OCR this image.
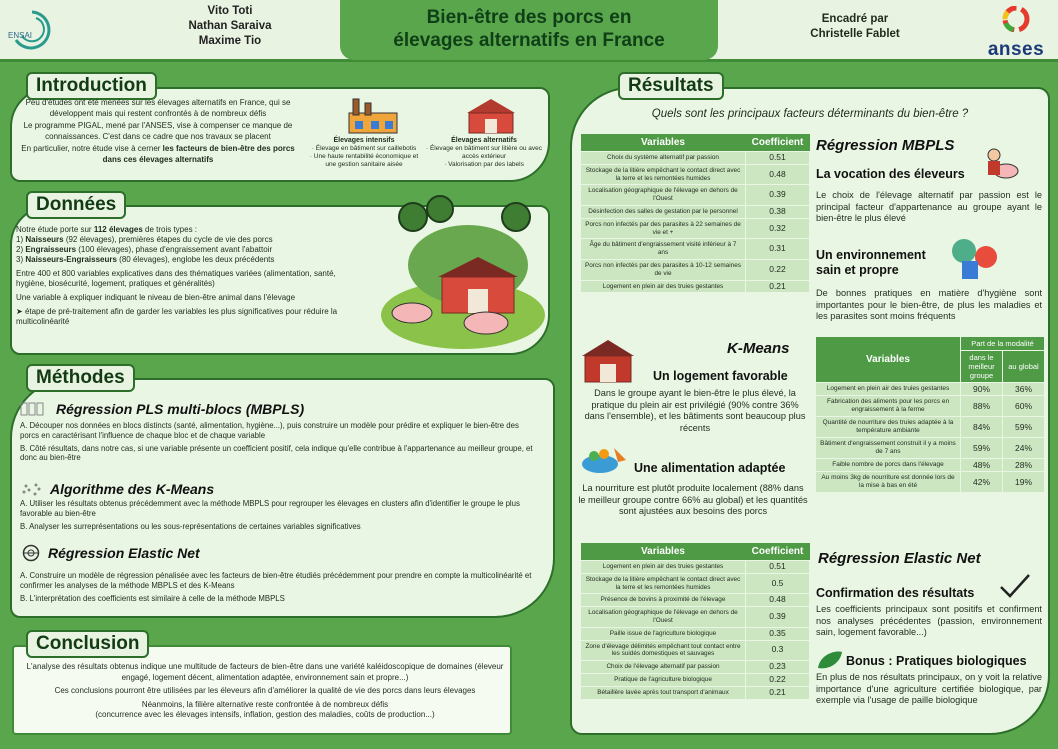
ENSAI
Vito Toti
Nathan Saraiva
Maxime Tio
Bien-être des porcs en
élevages alternatifs en France
Encadré par
Christelle Fablet
anses
Introduction

Peu d'études ont été menées sur les élevages alternatifs en France, qui se développent mais qui restent confrontés à de nombreux défis

Le programme PIGAL, mené par l'ANSES, vise à compenser ce manque de connaissances. C'est dans ce cadre que nos travaux se placent

En particulier, notre étude vise à cerner les facteurs de bien-être des porcs dans ces élevages alternatifs

Élevages intensifs
· Élevage en bâtiment sur caillebotis
· Une haute rentabilité économique et une gestion sanitaire aisée
Élevages alternatifs
· Élevage en bâtiment sur litière ou avec accès extérieur
· Valorisation par des labels
Données

Notre étude porte sur 112 élevages de trois types :
1) Naisseurs (92 élevages), premières étapes du cycle de vie des porcs
2) Engraisseurs (100 élevages), phase d'engraissement avant l'abattoir
3) Naisseurs-Engraisseurs (80 élevages), englobe les deux précédents

Entre 400 et 800 variables explicatives dans des thématiques variées (alimentation, santé, hygiène, biosécurité, logement, pratiques et généralités)

Une variable à expliquer indiquant le niveau de bien-être animal dans l'élevage

➤ étape de pré-traitement afin de garder les variables les plus significatives pour réduire la multicolinéarité

Méthodes
Régression PLS multi-blocs (MBPLS)

A. Découper nos données en blocs distincts (santé, alimentation, hygiène...), puis construire un modèle pour prédire et expliquer le bien-être des porcs en caractérisant l'influence de chaque bloc et de chaque variable

B. Côté résultats, dans notre cas, si une variable présente un coefficient positif, cela indique qu'elle contribue à l'appartenance au meilleur groupe, et donc au bien-être

Algorithme des K-Means

A. Utiliser les résultats obtenus précédemment avec la méthode MBPLS pour regrouper les élevages en clusters afin d'identifier le groupe le plus favorable au bien-être

B. Analyser les surreprésentations ou les sous-représentations de certaines variables significatives

Régression Elastic Net

A. Construire un modèle de régression pénalisée avec les facteurs de bien-être étudiés précédemment pour prendre en compte la multicolinéarité et confirmer les analyses de la méthode MBPLS et des K-Means

B. L'interprétation des coefficients est similaire à celle de la méthode MBPLS

Conclusion

L'analyse des résultats obtenus indique une multitude de facteurs de bien-être dans une variété kaléidoscopique de domaines (éleveur engagé, logement décent, alimentation adaptée, environnement sain et propre...)

Ces conclusions pourront être utilisées par les éleveurs afin d'améliorer la qualité de vie des porcs dans leurs élevages

Néanmoins, la filière alternative reste confrontée à de nombreux défis
(concurrence avec les élevages intensifs, inflation, gestion des maladies, coûts de production...)

Résultats
Quels sont les principaux facteurs déterminants du bien-être ?
Variables	Coefficient
Choix du système alternatif par passion	0.51
Stockage de la litière empêchant le contact direct avec la terre et les remontées humides	0.48
Localisation géographique de l'élevage en dehors de l'Ouest	0.39
Désinfection des salles de gestation par le personnel	0.38
Porcs non infectés par des parasites à 22 semaines de vie et +	0.32
Âge du bâtiment d'engraissement visité inférieur à 7 ans	0.31
Porcs non infectés par des parasites à 10-12 semaines de vie	0.22
Logement en plein air des truies gestantes	0.21
Régression MBPLS
La vocation des éleveurs
Le choix de l'élevage alternatif par passion est le principal facteur d'appartenance au groupe ayant le bien-être le plus élevé
Un environnement
sain et propre
De bonnes pratiques en matière d'hygiène sont importantes pour le bien-être, de plus les maladies et les parasites sont moins fréquents
K-Means
Un logement favorable
Dans le groupe ayant le bien-être le plus élevé, la pratique du plein air est privilégié (90% contre 36% dans l'ensemble), et les bâtiments sont beaucoup plus récents
Une alimentation adaptée
La nourriture est plutôt produite localement (88% dans le meilleur groupe contre 66% au global) et les quantités sont ajustées aux besoins des porcs
Variables	Part de la modalité	
	dans le meilleur groupe	au global
Logement en plein air des truies gestantes	90%	36%
Fabrication des aliments pour les porcs en engraissement à la ferme	88%	60%
Quantité de nourriture des truies adaptée à la température ambiante	84%	59%
Bâtiment d'engraissement construit il y a moins de 7 ans	59%	24%
Faible nombre de porcs dans l'élevage	48%	28%
Au moins 3kg de nourriture est donnée lors de la mise à bas en été	42%	19%
Variables	Coefficient
Logement en plein air des truies gestantes	0.51
Stockage de la litière empêchant le contact direct avec la terre et les remontées humides	0.5
Présence de bovins à proximité de l'élevage	0.48
Localisation géographique de l'élevage en dehors de l'Ouest	0.39
Paille issue de l'agriculture biologique	0.35
Zone d'élevage délimités empêchant tout contact entre les suidés domestiques et sauvages	0.3
Choix de l'élevage alternatif par passion	0.23
Pratique de l'agriculture biologique	0.22
Bétaillère lavée après tout transport d'animaux	0.21
Régression Elastic Net
Confirmation des résultats
Les coefficients principaux sont positifs et confirment nos analyses précédentes (passion, environnement sain, logement favorable...)
Bonus : Pratiques biologiques
En plus de nos résultats principaux, on y voit la relative importance d'une agriculture certifiée biologique, par exemple via l'usage de paille biologique
